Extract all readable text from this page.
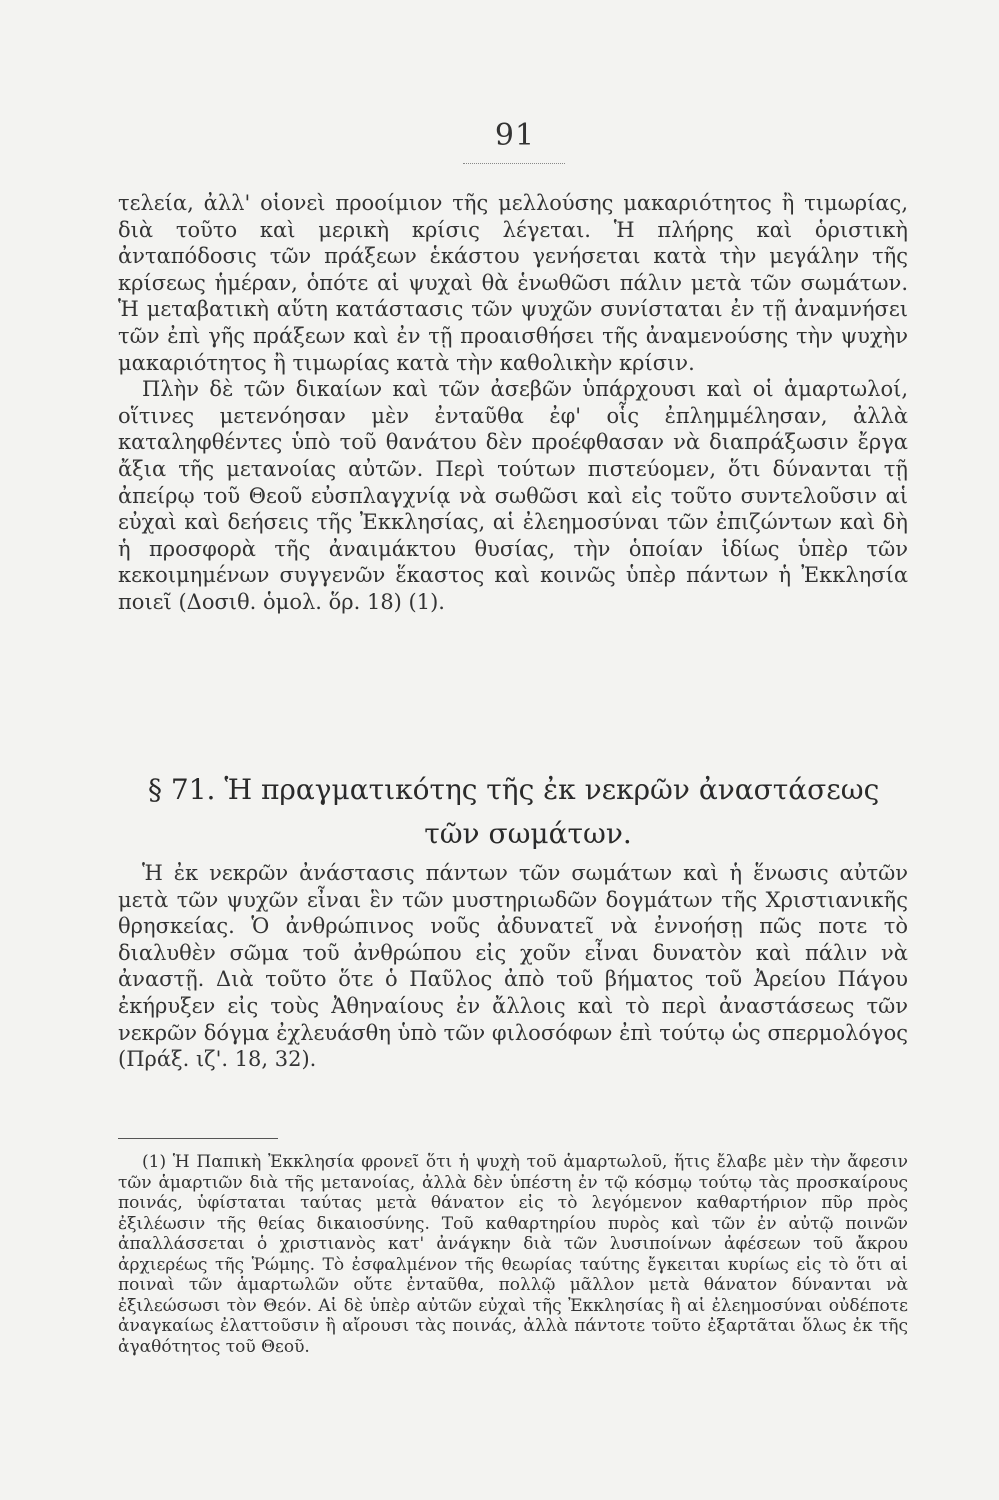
91

τελεία, ἀλλ' οἱονεὶ προοίμιον τῆς μελλούσης μακαριότητος ἢ τιμωρίας, διὰ τοῦτο καὶ μερικὴ κρίσις λέγεται. Ἡ πλήρης καὶ ὁριστικὴ ἀνταπόδοσις τῶν πράξεων ἑκάστου γενήσεται κατὰ τὴν μεγάλην τῆς κρίσεως ἡμέραν, ὁπότε αἱ ψυχαὶ θὰ ἑνωθῶσι πάλιν μετὰ τῶν σωμάτων. Ἡ μεταβατικὴ αὕτη κατάστασις τῶν ψυχῶν συνίσταται ἐν τῇ ἀναμνήσει τῶν ἐπὶ γῆς πράξεων καὶ ἐν τῇ προαισθήσει τῆς ἀναμενούσης τὴν ψυχὴν μακαριότητος ἢ τιμωρίας κατὰ τὴν καθολικὴν κρίσιν.

Πλὴν δὲ τῶν δικαίων καὶ τῶν ἀσεβῶν ὑπάρχουσι καὶ οἱ ἁμαρτωλοί, οἵτινες μετενόησαν μὲν ἐνταῦθα ἐφ' οἷς ἐπλημμέλησαν, ἀλλὰ καταληφθέντες ὑπὸ τοῦ θανάτου δὲν προέφθασαν νὰ διαπράξωσιν ἔργα ἄξια τῆς μετανοίας αὐτῶν. Περὶ τούτων πιστεύομεν, ὅτι δύνανται τῇ ἀπείρῳ τοῦ Θεοῦ εὐσπλαγχνίᾳ νὰ σωθῶσι καὶ εἰς τοῦτο συντελοῦσιν αἱ εὐχαὶ καὶ δεήσεις τῆς Ἐκκλησίας, αἱ ἐλεημοσύναι τῶν ἐπιζώντων καὶ δὴ ἡ προσφορὰ τῆς ἀναιμάκτου θυσίας, τὴν ὁποίαν ἰδίως ὑπὲρ τῶν κεκοιμημένων συγγενῶν ἕκαστος καὶ κοινῶς ὑπὲρ πάντων ἡ Ἐκκλησία ποιεῖ (Δοσιθ. ὁμολ. ὅρ. 18) (1).

§ 71. Ἡ πραγματικότης τῆς ἐκ νεκρῶν ἀναστάσεως
τῶν σωμάτων.

Ἡ ἐκ νεκρῶν ἀνάστασις πάντων τῶν σωμάτων καὶ ἡ ἕνωσις αὐτῶν μετὰ τῶν ψυχῶν εἶναι ἓν τῶν μυστηριωδῶν δογμάτων τῆς Χριστιανικῆς θρησκείας. Ὁ ἀνθρώπινος νοῦς ἀδυνατεῖ νὰ ἐννοήσῃ πῶς ποτε τὸ διαλυθὲν σῶμα τοῦ ἀνθρώπου εἰς χοῦν εἶναι δυνατὸν καὶ πάλιν νὰ ἀναστῇ. Διὰ τοῦτο ὅτε ὁ Παῦλος ἀπὸ τοῦ βήματος τοῦ Ἀρείου Πάγου ἐκήρυξεν εἰς τοὺς Ἀθηναίους ἐν ἄλλοις καὶ τὸ περὶ ἀναστάσεως τῶν νεκρῶν δόγμα ἐχλευάσθη ὑπὸ τῶν φιλοσόφων ἐπὶ τούτῳ ὡς σπερμολόγος (Πράξ. ιζ'. 18, 32).

(1) Ἡ Παπικὴ Ἐκκλησία φρονεῖ ὅτι ἡ ψυχὴ τοῦ ἁμαρτωλοῦ, ἥτις ἔλαβε μὲν τὴν ἄφεσιν τῶν ἁμαρτιῶν διὰ τῆς μετανοίας, ἀλλὰ δὲν ὑπέστη ἐν τῷ κόσμῳ τούτῳ τὰς προσκαίρους ποινάς, ὑφίσταται ταύτας μετὰ θάνατον εἰς τὸ λεγόμενον καθαρτήριον πῦρ πρὸς ἐξιλέωσιν τῆς θείας δικαιοσύνης. Τοῦ καθαρτηρίου πυρὸς καὶ τῶν ἐν αὐτῷ ποινῶν ἀπαλλάσσεται ὁ χριστιανὸς κατ' ἀνάγκην διὰ τῶν λυσιποίνων ἀφέσεων τοῦ ἄκρου ἀρχιερέως τῆς Ῥώμης. Τὸ ἐσφαλμένον τῆς θεωρίας ταύτης ἔγκειται κυρίως εἰς τὸ ὅτι αἱ ποιναὶ τῶν ἁμαρτωλῶν οὔτε ἐνταῦθα, πολλῷ μᾶλλον μετὰ θάνατον δύνανται νὰ ἐξιλεώσωσι τὸν Θεόν. Αἱ δὲ ὑπὲρ αὐτῶν εὐχαὶ τῆς Ἐκκλησίας ἢ αἱ ἐλεημοσύναι οὐδέποτε ἀναγκαίως ἐλαττοῦσιν ἢ αἴρουσι τὰς ποινάς, ἀλλὰ πάντοτε τοῦτο ἐξαρτᾶται ὅλως ἐκ τῆς ἀγαθότητος τοῦ Θεοῦ.
